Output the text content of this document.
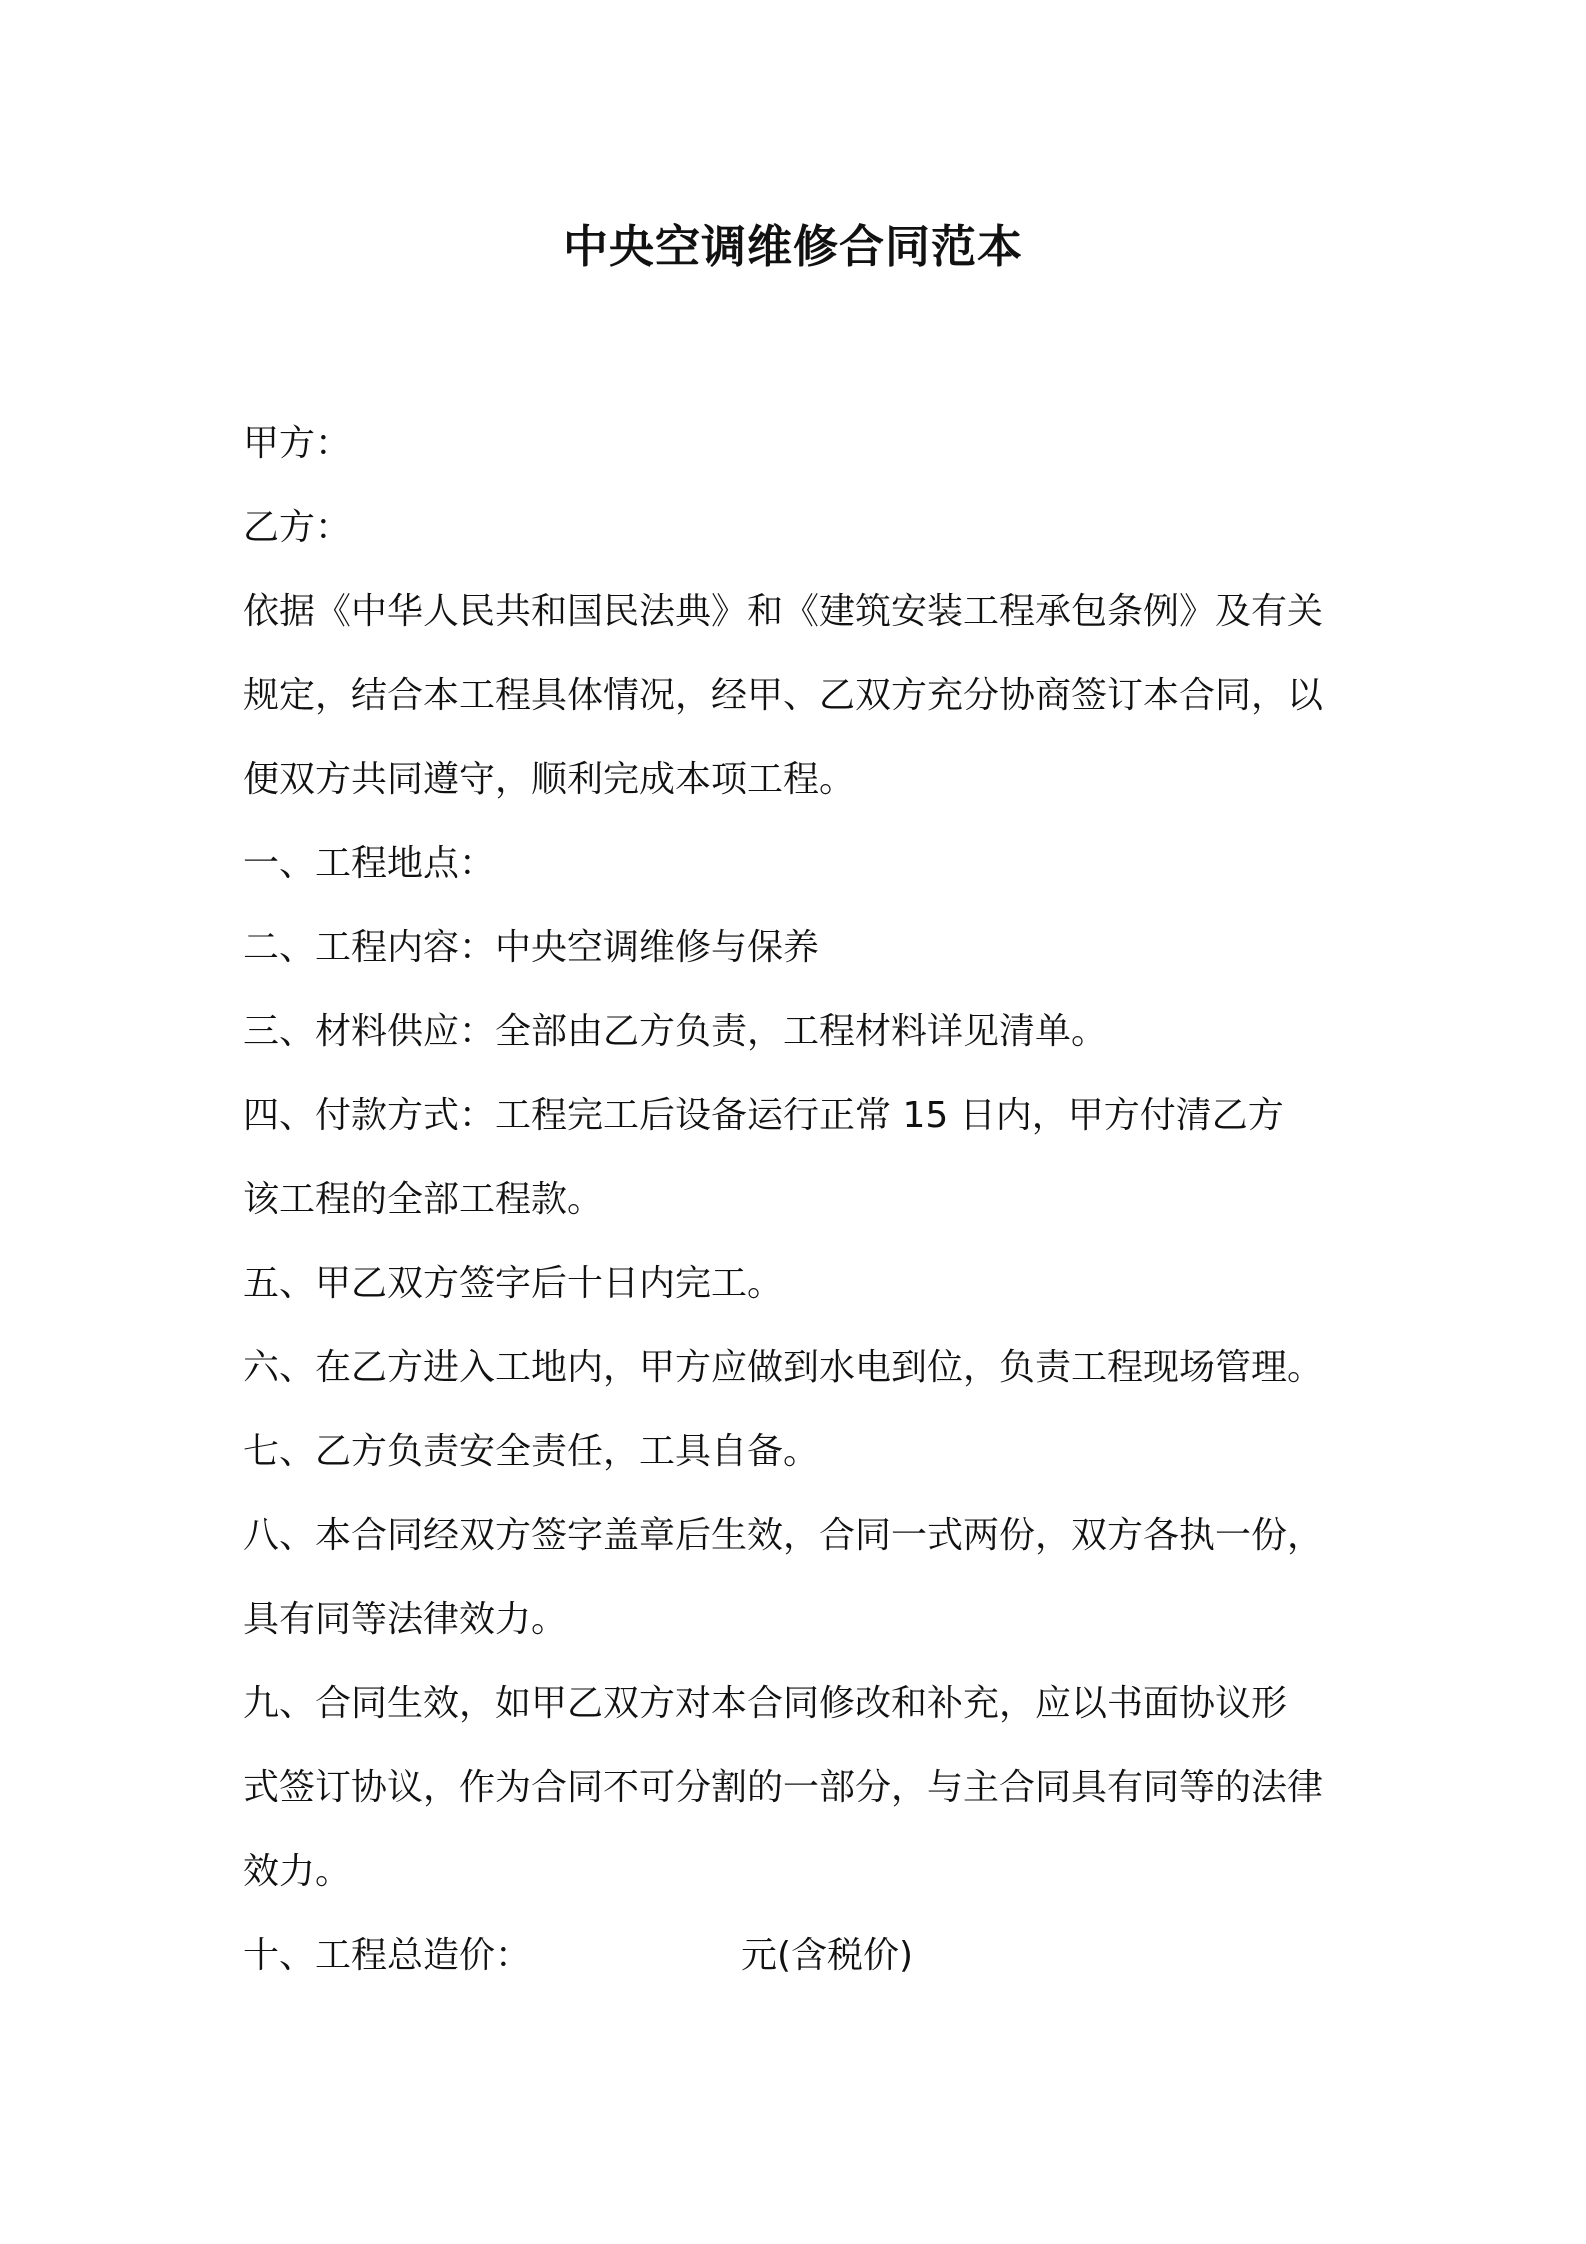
中央空调维修合同范本
甲方：
乙方：
依据《中华人民共和国民法典》和《建筑安装工程承包条例》及有关
规定，结合本工程具体情况，经甲、乙双方充分协商签订本合同，以
便双方共同遵守，顺利完成本项工程。
一、工程地点：
二、工程内容：中央空调维修与保养
三、材料供应：全部由乙方负责，工程材料详见清单。
四、付款方式：工程完工后设备运行正常 15 日内，甲方付清乙方
该工程的全部工程款。
五、甲乙双方签字后十日内完工。
六、在乙方进入工地内，甲方应做到水电到位，负责工程现场管理。
七、乙方负责安全责任，工具自备。
八、本合同经双方签字盖章后生效，合同一式两份，双方各执一份，
具有同等法律效力。
九、合同生效，如甲乙双方对本合同修改和补充，应以书面协议形
式签订协议，作为合同不可分割的一部分，与主合同具有同等的法律
效力。
十、工程总造价：	元(含税价)
